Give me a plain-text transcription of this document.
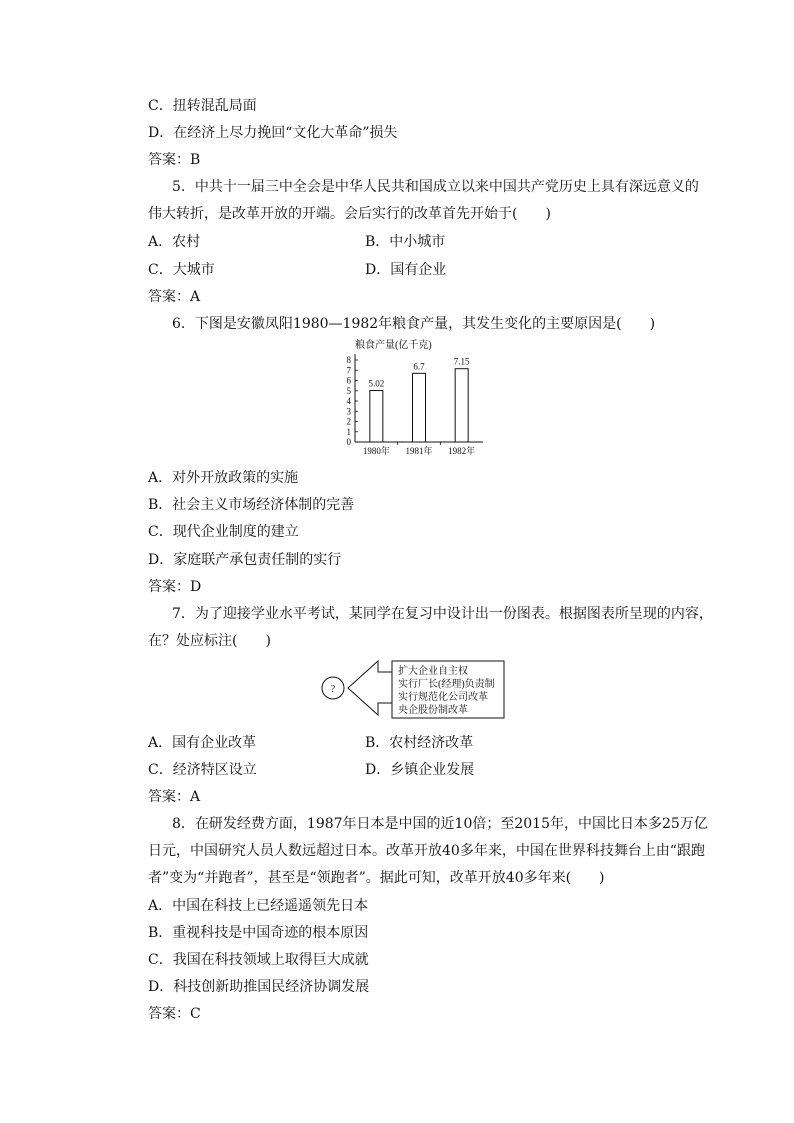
C．扭转混乱局面
D．在经济上尽力挽回“文化大革命”损失
答案：B
5．中共十一届三中全会是中华人民共和国成立以来中国共产党历史上具有深远意义的
伟大转折，是改革开放的开端。会后实行的改革首先开始于(　　)
A．农村	B．中小城市
C．大城市	D．国有企业
答案：A
6．下图是安徽凤阳1980—1982年粮食产量，其发生变化的主要原因是(　　)
粮食产量(亿千克)
0
1
2
3
4
5
6
7
8
5.02
1980年
6.7
1981年
7.15
1982年
A．对外开放政策的实施
B．社会主义市场经济体制的完善
C．现代企业制度的建立
D．家庭联产承包责任制的实行
答案：D
7．为了迎接学业水平考试，某同学在复习中设计出一份图表。根据图表所呈现的内容，
在？处应标注(　　)
?
扩大企业自主权
实行厂长(经理)负责制
实行规范化公司改革
央企股份制改革
A．国有企业改革	B．农村经济改革
C．经济特区设立	D．乡镇企业发展
答案：A
8．在研发经费方面，1987年日本是中国的近10倍；至2015年，中国比日本多25万亿
日元，中国研究人员人数远超过日本。改革开放40多年来，中国在世界科技舞台上由“跟跑
者”变为“并跑者”，甚至是“领跑者”。据此可知，改革开放40多年来(　　)
A．中国在科技上已经遥遥领先日本
B．重视科技是中国奇迹的根本原因
C．我国在科技领域上取得巨大成就
D．科技创新助推国民经济协调发展
答案：C
